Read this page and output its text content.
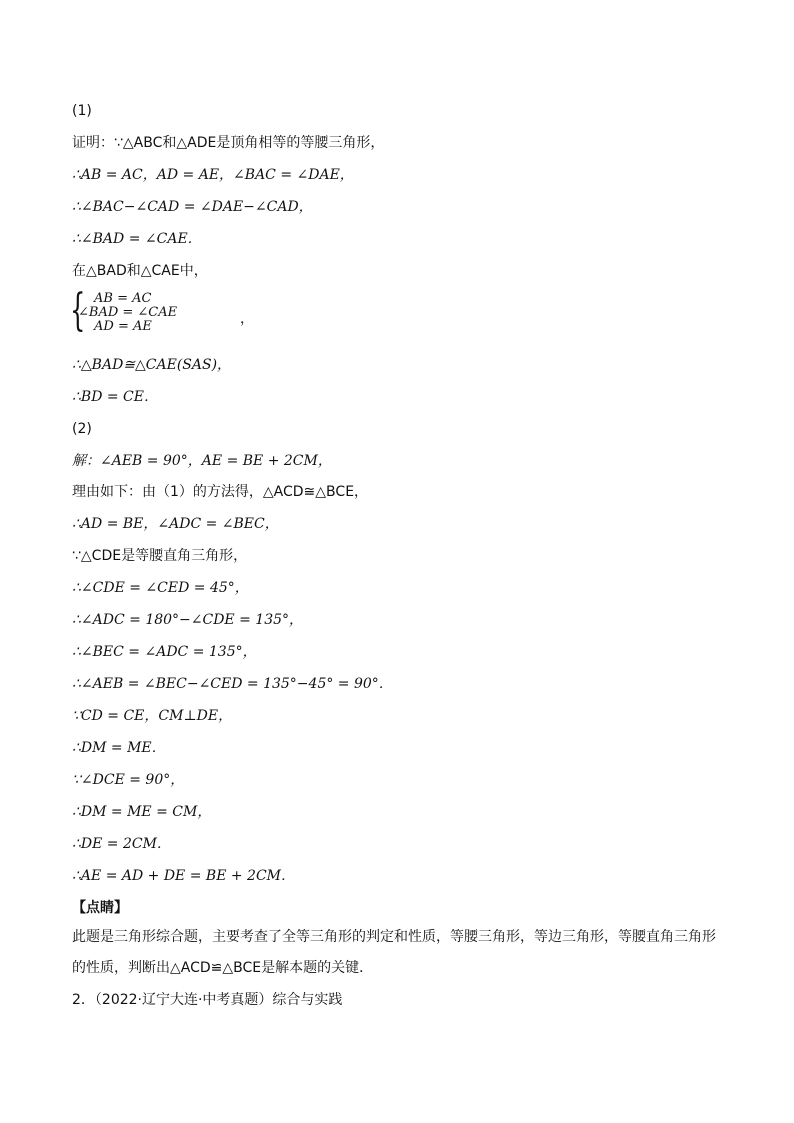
(1)
证明：∵△ABC和△ADE是顶角相等的等腰三角形，
∴AB = AC，AD = AE，∠BAC = ∠DAE，
∴∠BAC−∠CAD = ∠DAE−∠CAD，
∴∠BAD = ∠CAE．
在△BAD和△CAE中，
{ AB = AC
∠BAD = ∠CAE
AD = AE	，
∴△BAD≅△CAE(SAS)，
∴BD = CE．
(2)
解：∠AEB = 90°，AE = BE + 2CM，
理由如下：由（1）的方法得，△ACD≅△BCE，
∴AD = BE，∠ADC = ∠BEC，
∵△CDE是等腰直角三角形，
∴∠CDE = ∠CED = 45°，
∴∠ADC = 180°−∠CDE = 135°，
∴∠BEC = ∠ADC = 135°，
∴∠AEB = ∠BEC−∠CED = 135°−45° = 90°．
∵CD = CE，CM⊥DE，
∴DM = ME．
∵∠DCE = 90°，
∴DM = ME = CM，
∴DE = 2CM．
∴AE = AD + DE = BE + 2CM．
【点睛】
此题是三角形综合题，主要考查了全等三角形的判定和性质，等腰三角形，等边三角形，等腰直角三角形的性质，判断出△ACD≌△BCE是解本题的关键．
2．（2022·辽宁大连·中考真题）综合与实践
